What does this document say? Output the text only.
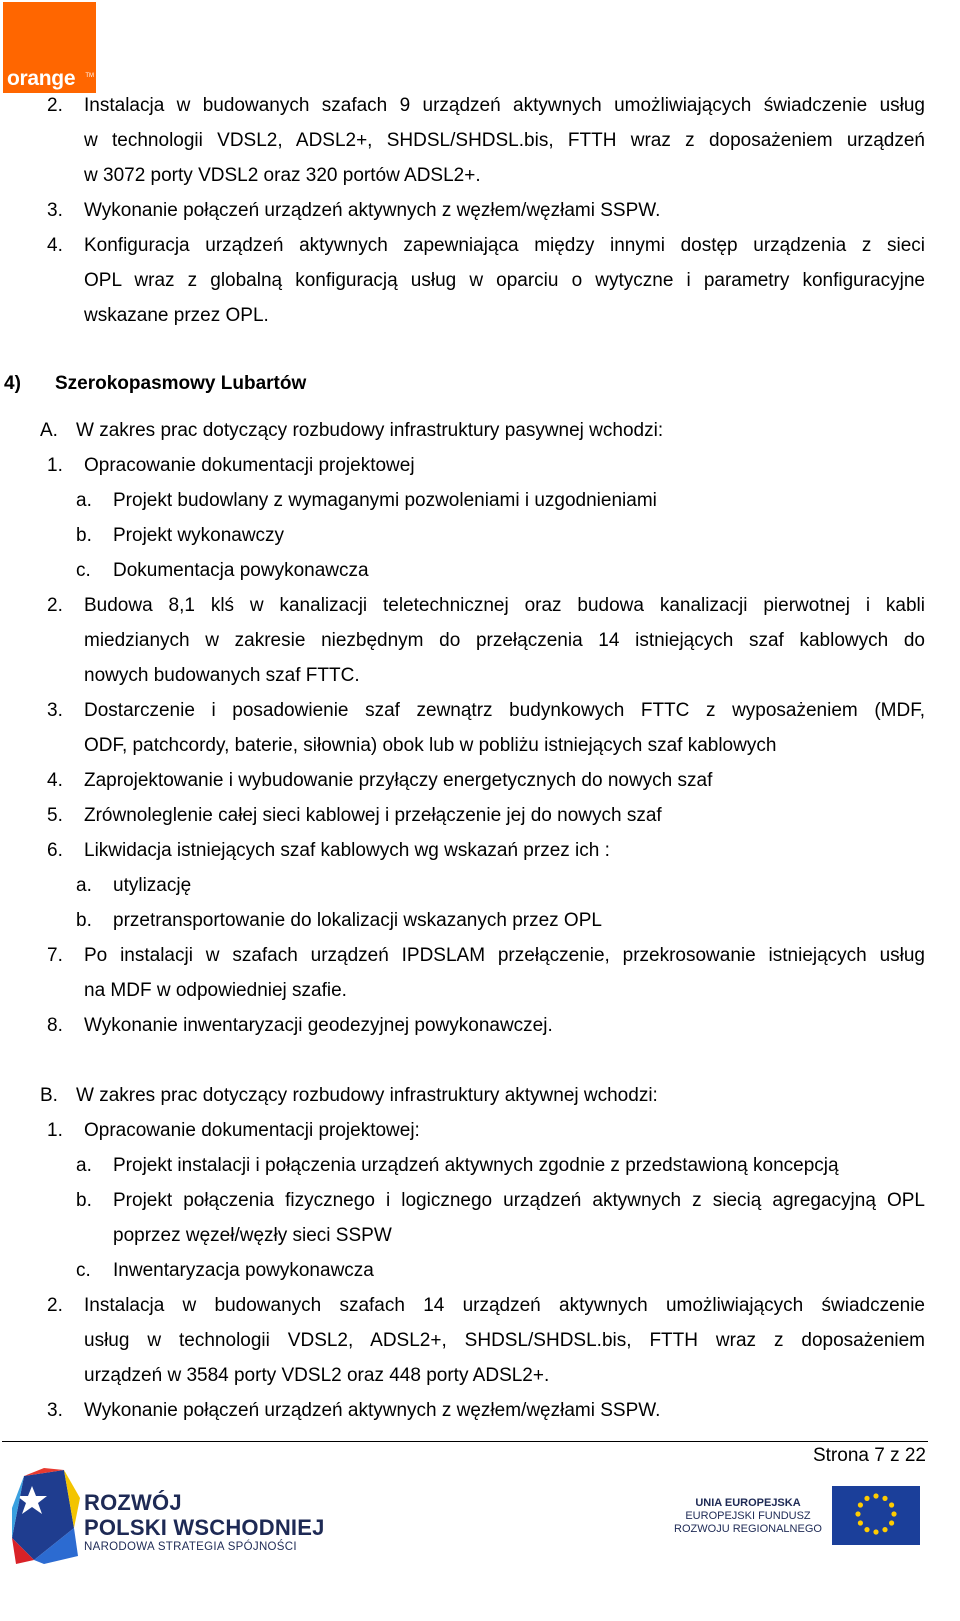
orange TM
2. Instalacja w budowanych szafach 9 urządzeń aktywnych umożliwiających świadczenie usług
w technologii VDSL2, ADSL2+, SHDSL/SHDSL.bis, FTTH wraz z doposażeniem urządzeń
w 3072 porty VDSL2 oraz 320 portów ADSL2+.
3. Wykonanie połączeń urządzeń aktywnych z węzłem/węzłami SSPW.
4. Konfiguracja urządzeń aktywnych zapewniająca między innymi dostęp urządzenia z sieci
OPL wraz z globalną konfiguracją usług w oparciu o wytyczne i parametry konfiguracyjne
wskazane przez OPL.
4) Szerokopasmowy Lubartów
A. W zakres prac dotyczący rozbudowy infrastruktury pasywnej wchodzi:
1. Opracowanie dokumentacji projektowej
a. Projekt budowlany z wymaganymi pozwoleniami i uzgodnieniami
b. Projekt wykonawczy
c. Dokumentacja powykonawcza
2. Budowa 8,1 klś w kanalizacji teletechnicznej oraz budowa kanalizacji pierwotnej i kabli
miedzianych w zakresie niezbędnym do przełączenia 14 istniejących szaf kablowych do
nowych budowanych szaf FTTC.
3. Dostarczenie i posadowienie szaf zewnątrz budynkowych FTTC z wyposażeniem (MDF,
ODF, patchcordy, baterie, siłownia) obok lub w pobliżu istniejących szaf kablowych
4. Zaprojektowanie i wybudowanie przyłączy energetycznych do nowych szaf
5. Zrównoleglenie całej sieci kablowej i przełączenie jej do nowych szaf
6. Likwidacja istniejących szaf kablowych wg wskazań przez ich :
a. utylizację
b. przetransportowanie do lokalizacji wskazanych przez OPL
7. Po instalacji w szafach urządzeń IPDSLAM przełączenie, przekrosowanie istniejących usług
na MDF w odpowiedniej szafie.
8. Wykonanie inwentaryzacji geodezyjnej powykonawczej.
B. W zakres prac dotyczący rozbudowy infrastruktury aktywnej wchodzi:
1. Opracowanie dokumentacji projektowej:
a. Projekt instalacji i połączenia urządzeń aktywnych zgodnie z przedstawioną koncepcją
b. Projekt połączenia fizycznego i logicznego urządzeń aktywnych z siecią agregacyjną OPL
poprzez węzeł/węzły sieci SSPW
c. Inwentaryzacja powykonawcza
2. Instalacja w budowanych szafach 14 urządzeń aktywnych umożliwiających świadczenie
usług w technologii VDSL2, ADSL2+, SHDSL/SHDSL.bis, FTTH wraz z doposażeniem
urządzeń w 3584 porty VDSL2 oraz 448 porty ADSL2+.
3. Wykonanie połączeń urządzeń aktywnych z węzłem/węzłami SSPW.
Strona 7 z 22
ROZWÓJ
POLSKI WSCHODNIEJ
NARODOWA STRATEGIA SPÓJNOŚCI
UNIA EUROPEJSKA
EUROPEJSKI FUNDUSZ
ROZWOJU REGIONALNEGO
